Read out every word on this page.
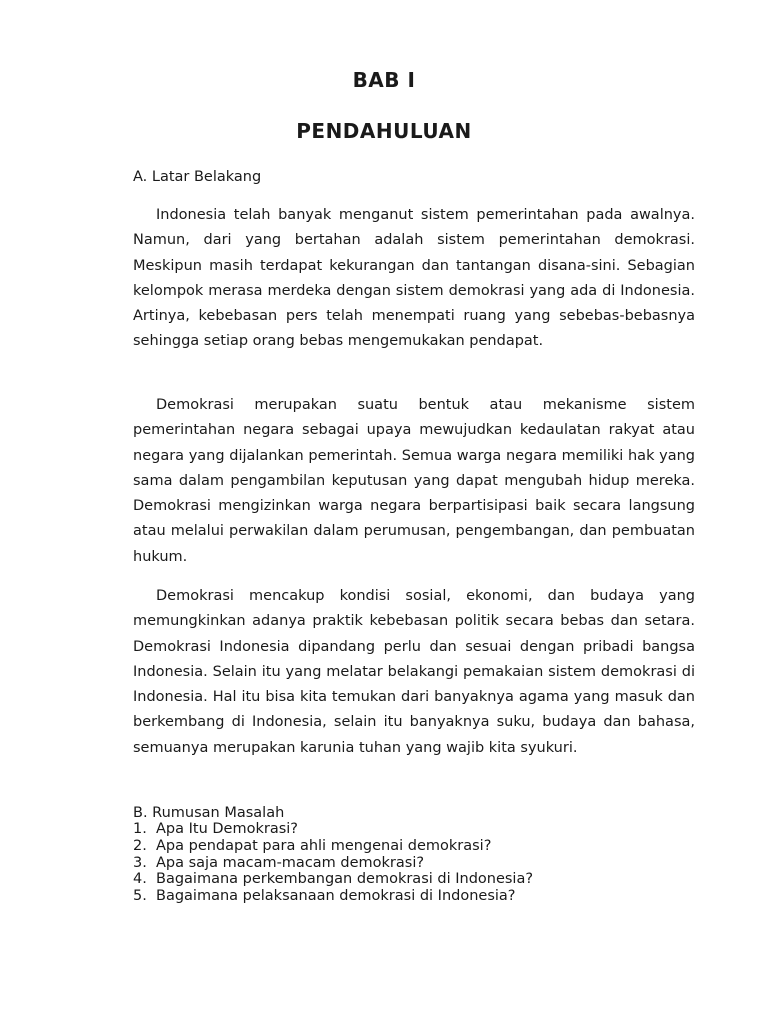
BAB I
PENDAHULUAN
A. Latar Belakang

Indonesia telah banyak menganut sistem pemerintahan pada awalnya. Namun, dari yang bertahan adalah sistem pemerintahan demokrasi. Meskipun masih terdapat kekurangan dan tantangan disana-sini. Sebagian kelompok merasa merdeka dengan sistem demokrasi yang ada di Indonesia. Artinya, kebebasan pers telah menempati ruang yang sebebas-bebasnya sehingga setiap orang bebas mengemukakan pendapat.

Demokrasi merupakan suatu bentuk atau mekanisme sistem pemerintahan negara sebagai upaya mewujudkan kedaulatan rakyat atau negara yang dijalankan pemerintah. Semua warga negara memiliki hak yang sama dalam pengambilan keputusan yang dapat mengubah hidup mereka. Demokrasi mengizinkan warga negara berpartisipasi baik secara langsung atau melalui perwakilan dalam perumusan, pengembangan, dan pembuatan hukum.

Demokrasi mencakup kondisi sosial, ekonomi, dan budaya yang memungkinkan adanya praktik kebebasan politik secara bebas dan setara. Demokrasi Indonesia dipandang perlu dan sesuai dengan pribadi bangsa Indonesia. Selain itu yang melatar belakangi pemakaian sistem demokrasi di Indonesia. Hal itu bisa kita temukan dari banyaknya agama yang masuk dan berkembang di Indonesia, selain itu banyaknya suku, budaya dan bahasa, semuanya merupakan karunia tuhan yang wajib kita syukuri.

B. Rumusan Masalah
1. Apa Itu Demokrasi?
2. Apa pendapat para ahli mengenai demokrasi?
3. Apa saja macam-macam demokrasi?
4. Bagaimana perkembangan demokrasi di Indonesia?
5. Bagaimana pelaksanaan demokrasi di Indonesia?
